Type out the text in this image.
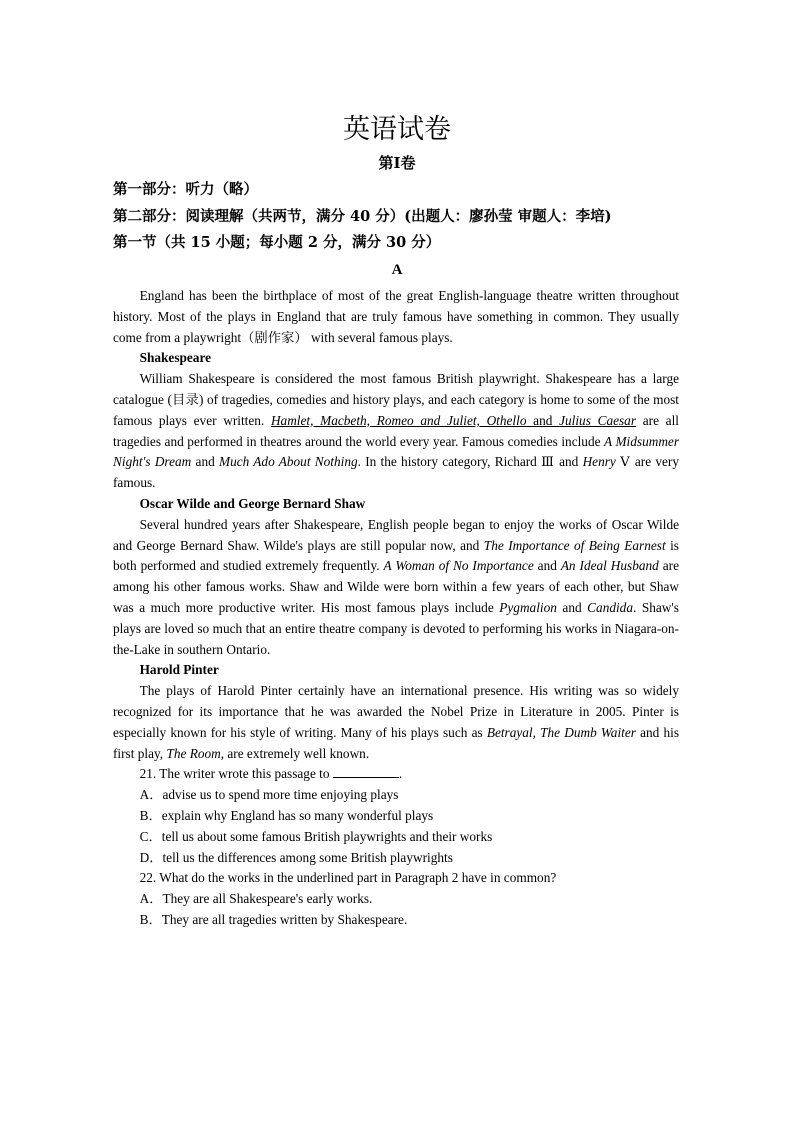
英语试卷
第Ⅰ卷
第一部分：听力（略）
第二部分：阅读理解（共两节，满分 40 分）(出题人：廖孙莹 审题人：李培)
第一节（共 15 小题；每小题 2 分，满分 30 分）
A

England has been the birthplace of most of the great English-language theatre written throughout history. Most of the plays in England that are truly famous have something in common. They usually come from a playwright（剧作家） with several famous plays.

Shakespeare

William Shakespeare is considered the most famous British playwright. Shakespeare has a large catalogue (目录) of tragedies, comedies and history plays, and each category is home to some of the most famous plays ever written. Hamlet, Macbeth, Romeo and Juliet, Othello and Julius Caesar are all tragedies and performed in theatres around the world every year. Famous comedies include A Midsummer Night's Dream and Much Ado About Nothing. In the history category, Richard Ⅲ and Henry Ⅴ are very famous.

Oscar Wilde and George Bernard Shaw

Several hundred years after Shakespeare, English people began to enjoy the works of Oscar Wilde and George Bernard Shaw. Wilde's plays are still popular now, and The Importance of Being Earnest is both performed and studied extremely frequently. A Woman of No Importance and An Ideal Husband are among his other famous works. Shaw and Wilde were born within a few years of each other, but Shaw was a much more productive writer. His most famous plays include Pygmalion and Candida. Shaw's plays are loved so much that an entire theatre company is devoted to performing his works in Niagara-on-the-Lake in southern Ontario.

Harold Pinter

The plays of Harold Pinter certainly have an international presence. His writing was so widely recognized for its importance that he was awarded the Nobel Prize in Literature in 2005. Pinter is especially known for his style of writing. Many of his plays such as Betrayal, The Dumb Waiter and his first play, The Room, are extremely well known.

21. The writer wrote this passage to	.

A．advise us to spend more time enjoying plays

B．explain why England has so many wonderful plays

C．tell us about some famous British playwrights and their works

D．tell us the differences among some British playwrights

22. What do the works in the underlined part in Paragraph 2 have in common?

A．They are all Shakespeare's early works.

B．They are all tragedies written by Shakespeare.
